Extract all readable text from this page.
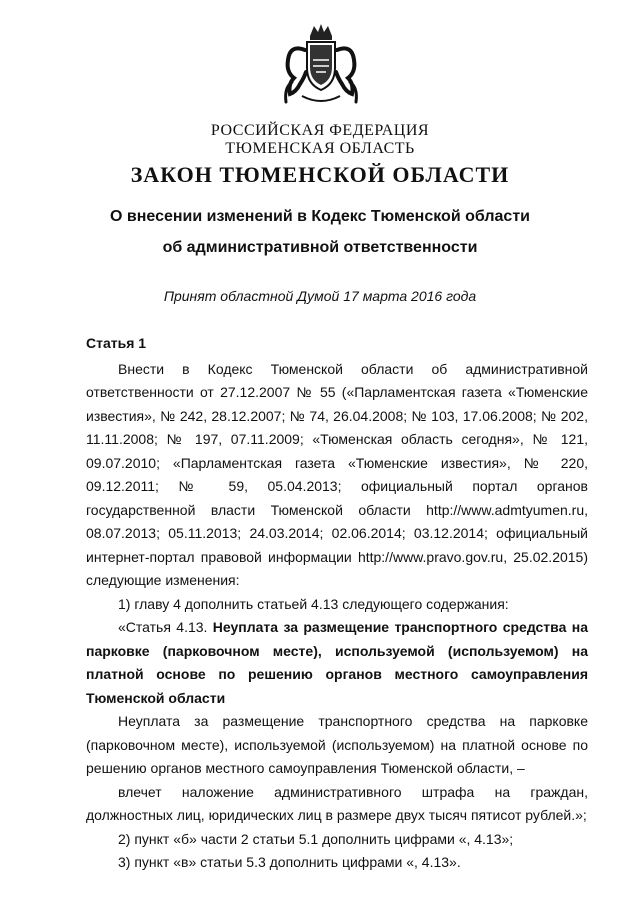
РОССИЙСКАЯ ФЕДЕРАЦИЯ
ТЮМЕНСКАЯ ОБЛАСТЬ
ЗАКОН ТЮМЕНСКОЙ ОБЛАСТИ
О внесении изменений в Кодекс Тюменской области
об административной ответственности
Принят областной Думой 17 марта 2016 года

Статья 1

Внести в Кодекс Тюменской области об административной ответственности от 27.12.2007 № 55 («Парламентская газета «Тюменские известия», № 242, 28.12.2007; № 74, 26.04.2008; № 103, 17.06.2008; № 202, 11.11.2008; № 197, 07.11.2009; «Тюменская область сегодня», № 121, 09.07.2010; «Парламентская газета «Тюменские известия», № 220, 09.12.2011; № 59, 05.04.2013; официальный портал органов государственной власти Тюменской области http://www.admtyumen.ru, 08.07.2013; 05.11.2013; 24.03.2014; 02.06.2014; 03.12.2014; официальный интернет-портал правовой информации http://www.pravo.gov.ru, 25.02.2015) следующие изменения:

1) главу 4 дополнить статьей 4.13 следующего содержания:

«Статья 4.13. Неуплата за размещение транспортного средства на парковке (парковочном месте), используемой (используемом) на платной основе по решению органов местного самоуправления Тюменской области

Неуплата за размещение транспортного средства на парковке (парковочном месте), используемой (используемом) на платной основе по решению органов местного самоуправления Тюменской области, –

влечет наложение административного штрафа на граждан, должностных лиц, юридических лиц в размере двух тысяч пятисот рублей.»;

2) пункт «б» части 2 статьи 5.1 дополнить цифрами «, 4.13»;

3) пункт «в» статьи 5.3 дополнить цифрами «, 4.13».
